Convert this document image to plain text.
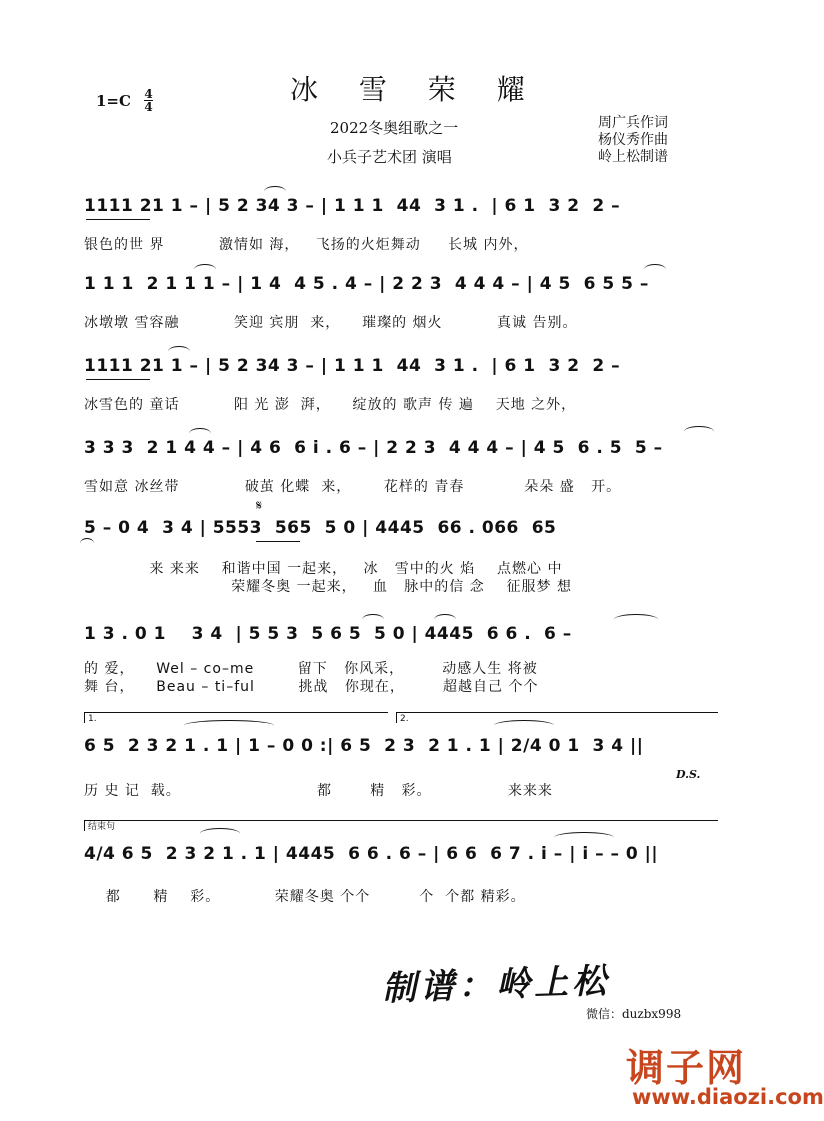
冰 雪 荣 耀
1=C 4
4
2022冬奥组歌之一
小兵子艺术团 演唱
周广兵作词
杨仪秀作曲
岭上松制谱
1111 21 1 – | 5 2 34 3 – | 1 1 1  44  3 1 .  | 6 1  3 2  2 –
银色的世 界          激情如 海，   飞扬的火炬舞动     长城 内外，
1 1 1  2 1 1 1 – | 1 4  4 5 . 4 – | 2 2 3  4 4 4 – | 4 5  6 5 5 –
冰墩墩 雪容融          笑迎 宾朋  来，    璀璨的 烟火          真诚 告别。
1111 21 1 – | 5 2 34 3 – | 1 1 1  44  3 1 .  | 6 1  3 2  2 –
冰雪色的 童话          阳 光 澎  湃，    绽放的 歌声 传 遍    天地 之外，
3 3 3  2 1 4 4 – | 4 6  6 i . 6 – | 2 2 3  4 4 4 – | 4 5  6 . 5  5 –
雪如意 冰丝带            破茧 化蝶  来，      花样的 青春           朵朵 盛   开。
𝄋
5 – 0 4  3 4 | 5553  565  5 0 | 4445  66 . 066  65
来 来来    和谐中国 一起来，   冰   雪中的火 焰    点燃心 中
荣耀冬奥 一起来，   血   脉中的信 念    征服梦 想
1 3 . 0 1    3 4  | 5 5 3  5 6 5  5 0 | 4445  6 6 .  6 –
的 爱，    Wel – co–me        留下   你风采，       动感人生 将被
舞 台，    Beau – ti–ful        挑战   你现在，       超越自己 个个
1.	2.
6 5  2 3 2 1 . 1 | 1 – 0 0 :| 6 5  2 3  2 1 . 1 | 2/4 0 1  3 4 ||
D.S.
历 史 记  载。                         都       精   彩。              来来来
结束句
4/4 6 5  2 3 2 1 . 1 | 4445  6 6 . 6 – | 6 6  6 7 . i – | i – – 0 ||
都      精    彩。          荣耀冬奥 个个         个  个都 精彩。
制谱：岭上松
微信：duzbx998
调子网
www.diaozi.com
